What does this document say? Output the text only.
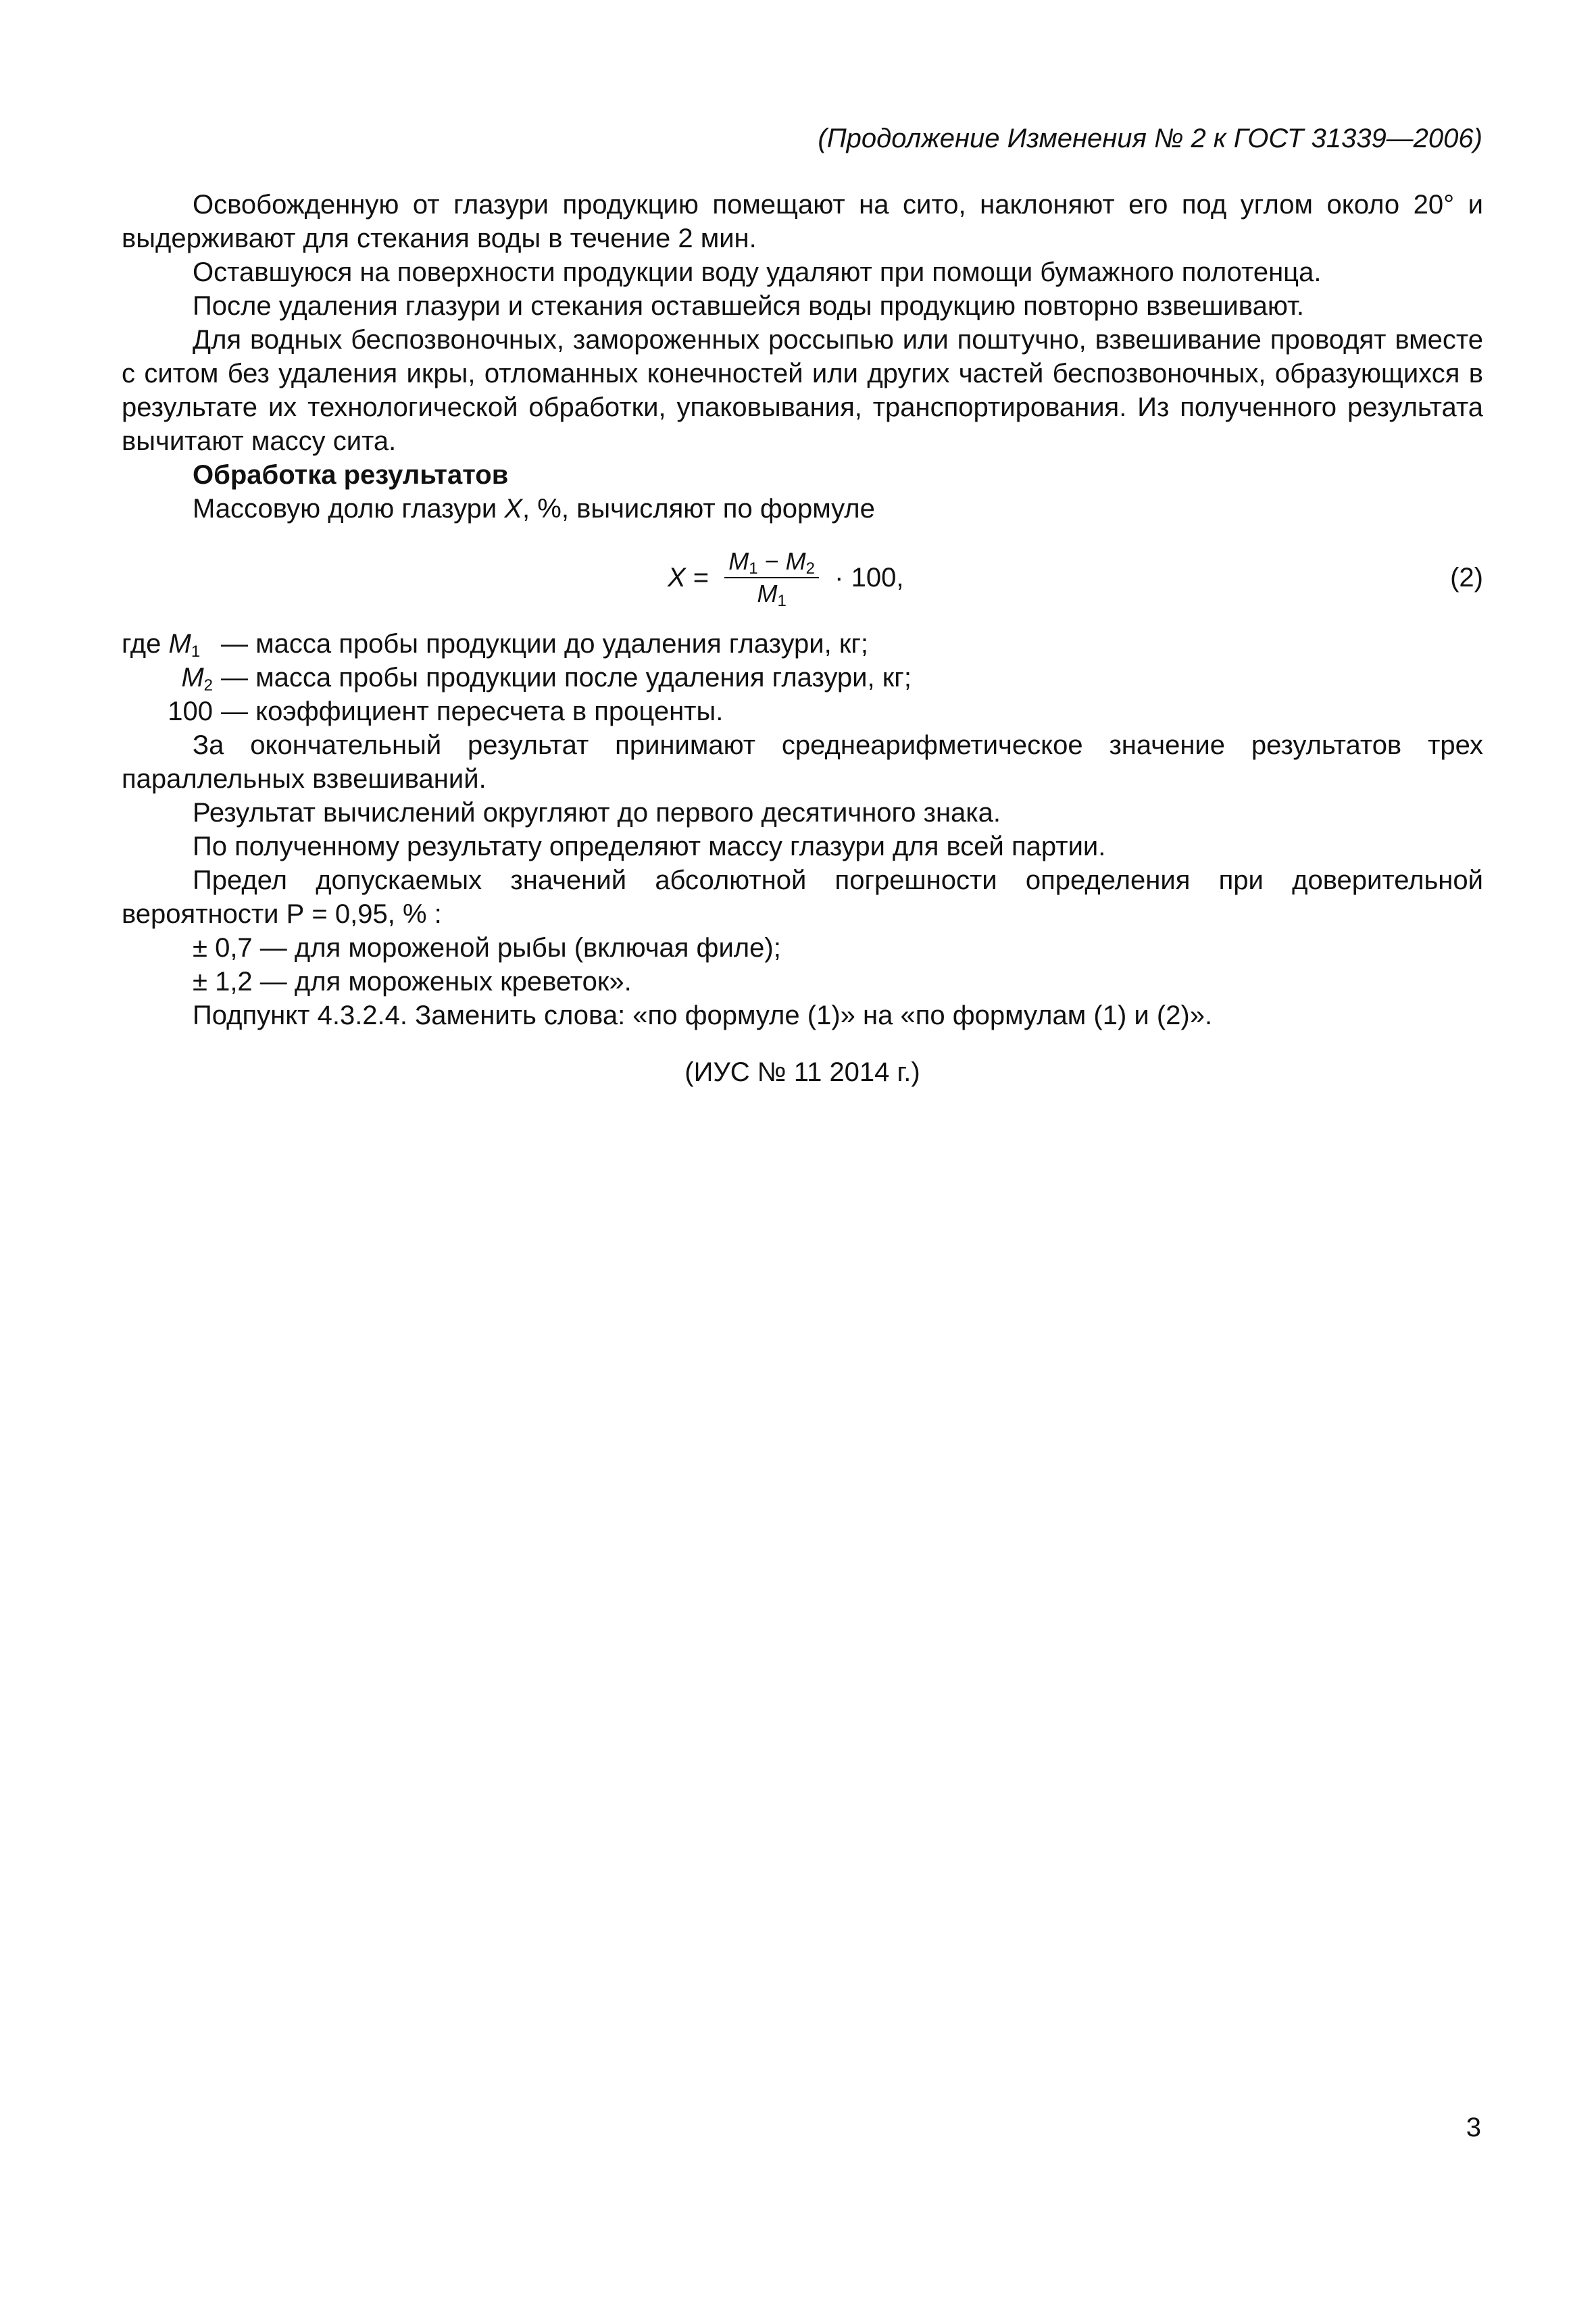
(Продолжение Изменения № 2 к ГОСТ 31339—2006)

Освобожденную от глазури продукцию помещают на сито, наклоняют его под углом около 20° и выдерживают для стекания воды в течение 2 мин.

Оставшуюся на поверхности продукции воду удаляют при помощи бумажного полотенца.

После удаления глазури и стекания оставшейся воды продукцию повторно взвешивают.

Для водных беспозвоночных, замороженных россыпью или поштучно, взвешивание проводят вместе с ситом без удаления икры, отломанных конечностей или других частей беспозвоночных, образующихся в результате их технологической обработки, упаковывания, транспортирования. Из полученного результата вычитают массу сита.

Обработка результатов

Массовую долю глазури X, %, вычисляют по формуле

$X = \frac{M_1 - M_2}{M_1} \cdot 100$,	(2)
где $M_1$ — масса пробы продукции до удаления глазури, кг;
$M_2$ — масса пробы продукции после удаления глазури, кг;
100 — коэффициент пересчета в проценты.

За окончательный результат принимают среднеарифметическое значение результатов трех параллельных взвешиваний.

Результат вычислений округляют до первого десятичного знака.

По полученному результату определяют массу глазури для всей партии.

Предел допускаемых значений абсолютной погрешности определения при доверительной вероятности Р = 0,95, % :

± 0,7 — для мороженой рыбы (включая филе);

± 1,2 — для мороженых креветок».

Подпункт 4.3.2.4. Заменить слова: «по формуле (1)» на «по формулам (1) и (2)».

(ИУС № 11 2014 г.)

3
